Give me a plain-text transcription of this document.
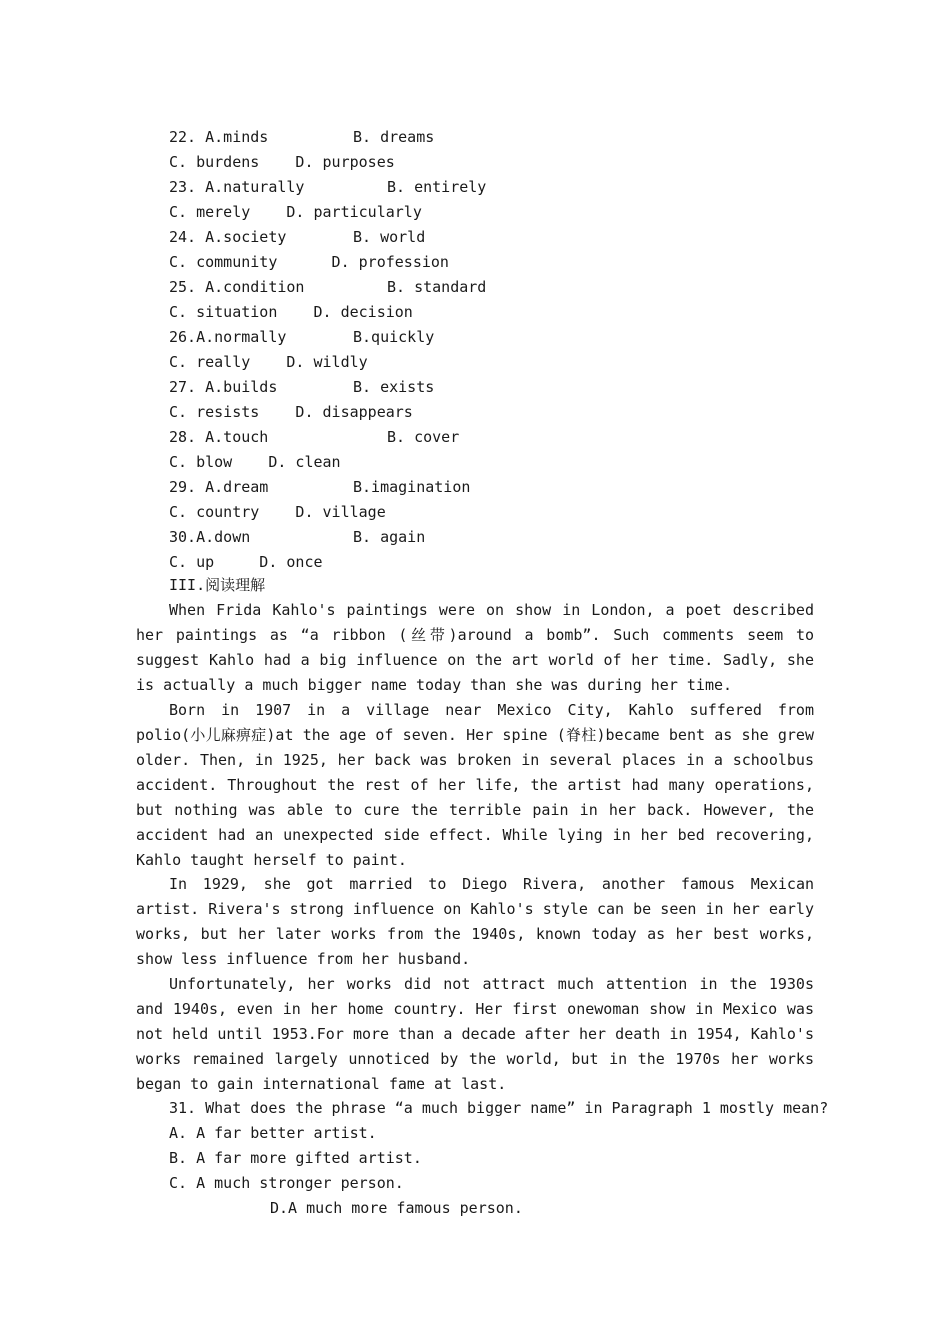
22. A.minds	B. dreams
C. burdens    D. purposes
23. A.naturally	B. entirely
C. merely    D. particularly
24. A.society	B. world
C. community      D. profession
25. A.condition	B. standard
C. situation    D. decision
26.A.normally	B.quickly
C. really    D. wildly
27. A.builds	B. exists
C. resists    D. disappears
28. A.touch	B. cover
C. blow    D. clean
29. A.dream	B.imagination
C. country    D. village
30.A.down	B. again
C. up     D. once
III.阅读理解
When Frida Kahlo's paintings were on show in London, a poet described her paintings as “a ribbon (丝带)around a bomb”. Such comments seem to suggest Kahlo had a big influence on the art world of her time. Sadly, she is actually a much bigger name today than she was during her time.
Born in 1907 in a village near Mexico City, Kahlo suffered from polio(小儿麻痹症)at the age of seven. Her spine (脊柱)became bent as she grew older. Then, in 1925, her back was broken in several places in a schoolbus accident. Throughout the rest of her life, the artist had many operations, but nothing was able to cure the terrible pain in her back. However, the accident had an unexpected side effect. While lying in her bed recovering, Kahlo taught herself to paint.
In 1929, she got married to Diego Rivera, another famous Mexican artist. Rivera's strong influence on Kahlo's style can be seen in her early works, but her later works from the 1940s, known today as her best works, show less influence from her husband.
Unfortunately, her works did not attract much attention in the 1930s and 1940s, even in her home country. Her first onewoman show in Mexico was not held until 1953.For more than a decade after her death in 1954, Kahlo's works remained largely unnoticed by the world, but in the 1970s her works began to gain international fame at last.
31. What does the phrase “a much bigger name” in Paragraph 1 mostly mean?
A. A far better artist.
B. A far more gifted artist.
C. A much stronger person.
D.A much more famous person.
